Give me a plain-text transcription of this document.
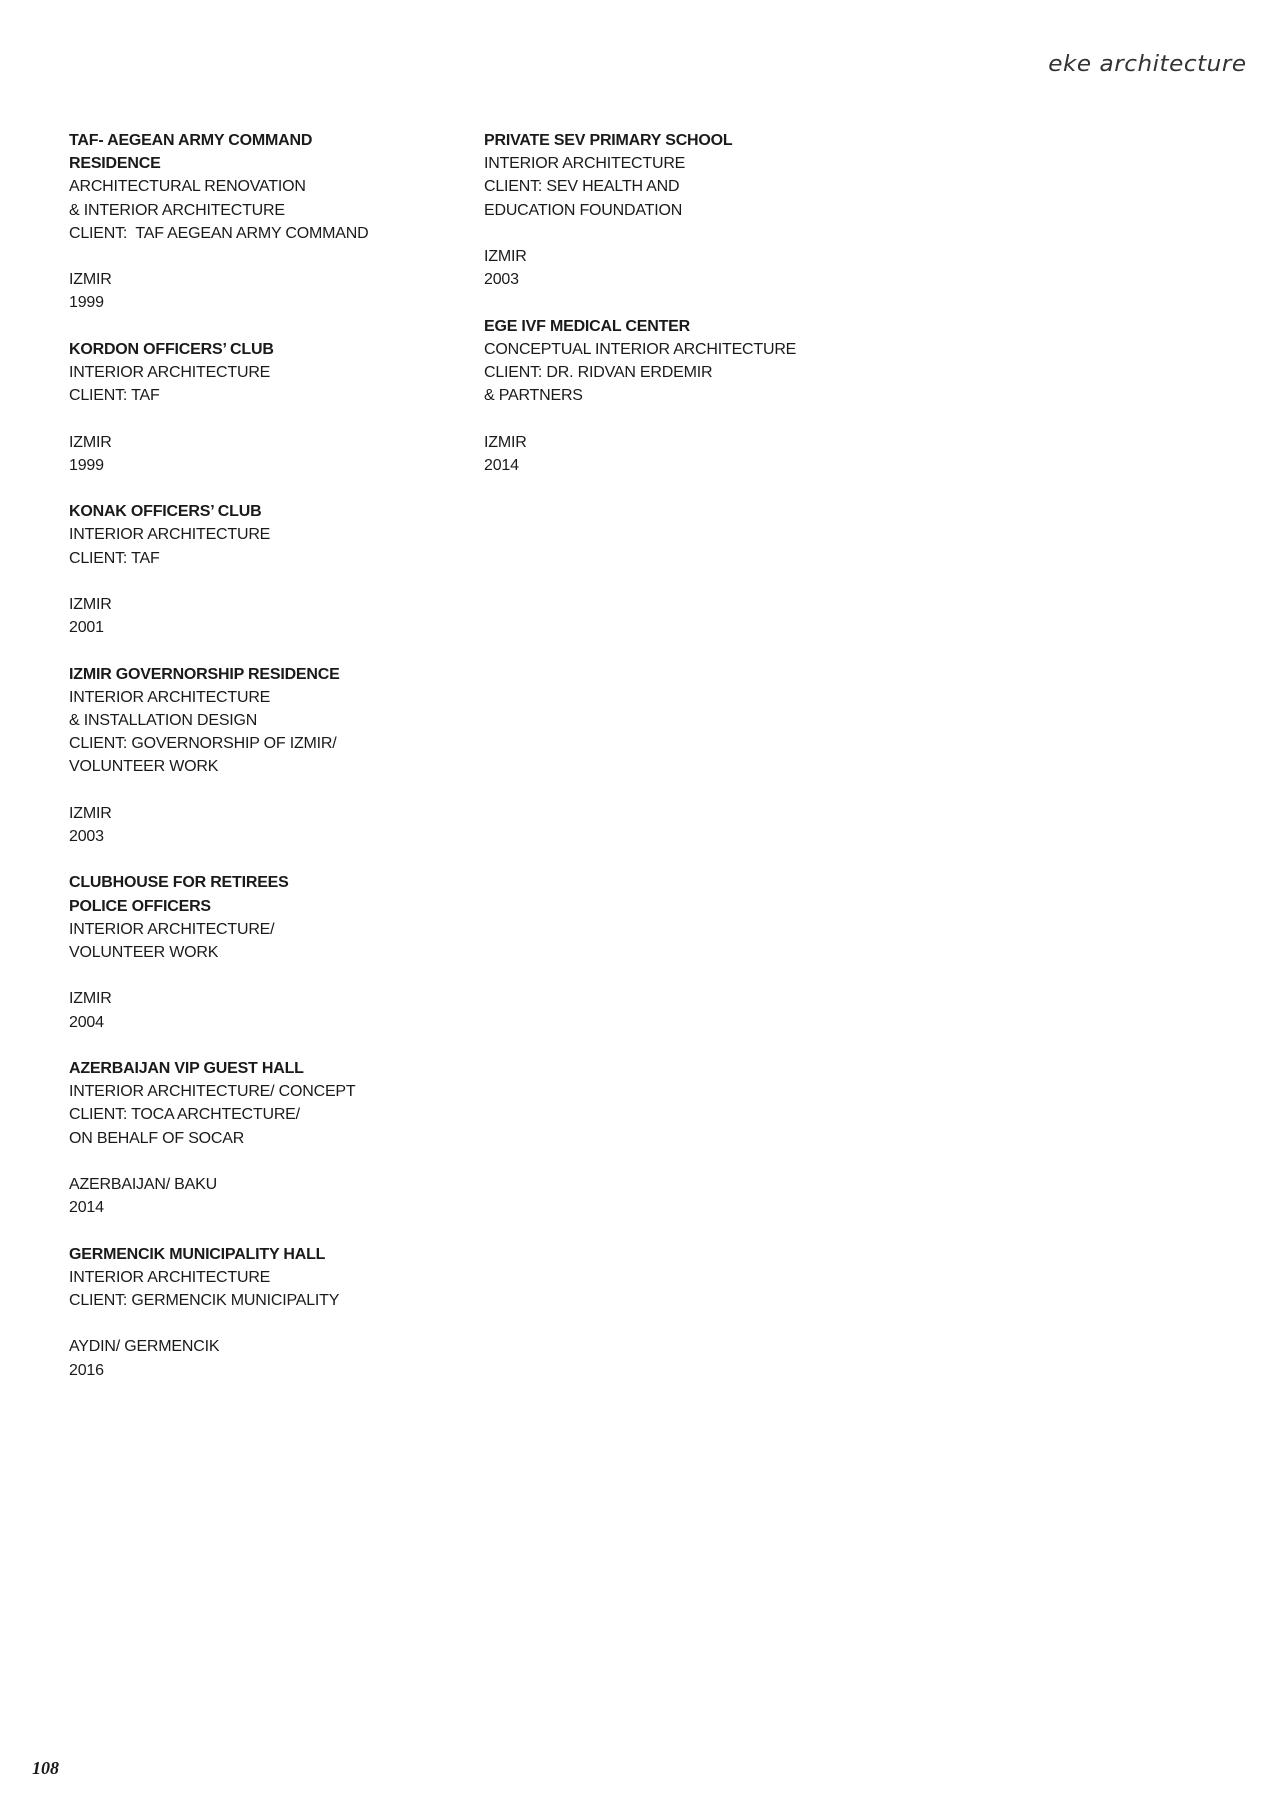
eke architecture
TAF- AEGEAN ARMY COMMAND
RESIDENCE
ARCHITECTURAL RENOVATION
& INTERIOR ARCHITECTURE
CLIENT:  TAF AEGEAN ARMY COMMAND
IZMIR
1999
KORDON OFFICERS’ CLUB
INTERIOR ARCHITECTURE
CLIENT: TAF
IZMIR
1999
KONAK OFFICERS’ CLUB
INTERIOR ARCHITECTURE
CLIENT: TAF
IZMIR
2001
IZMIR GOVERNORSHIP RESIDENCE
INTERIOR ARCHITECTURE
& INSTALLATION DESIGN
CLIENT: GOVERNORSHIP OF IZMIR/
VOLUNTEER WORK
IZMIR
2003
CLUBHOUSE FOR RETIREES
POLICE OFFICERS
INTERIOR ARCHITECTURE/
VOLUNTEER WORK
IZMIR
2004
AZERBAIJAN VIP GUEST HALL
INTERIOR ARCHITECTURE/ CONCEPT
CLIENT: TOCA ARCHTECTURE/
ON BEHALF OF SOCAR
AZERBAIJAN/ BAKU
2014
GERMENCIK MUNICIPALITY HALL
INTERIOR ARCHITECTURE
CLIENT: GERMENCIK MUNICIPALITY
AYDIN/ GERMENCIK
2016
PRIVATE SEV PRIMARY SCHOOL
INTERIOR ARCHITECTURE
CLIENT: SEV HEALTH AND
EDUCATION FOUNDATION
IZMIR
2003
EGE IVF MEDICAL CENTER
CONCEPTUAL INTERIOR ARCHITECTURE
CLIENT: DR. RIDVAN ERDEMIR
& PARTNERS
IZMIR
2014
108
